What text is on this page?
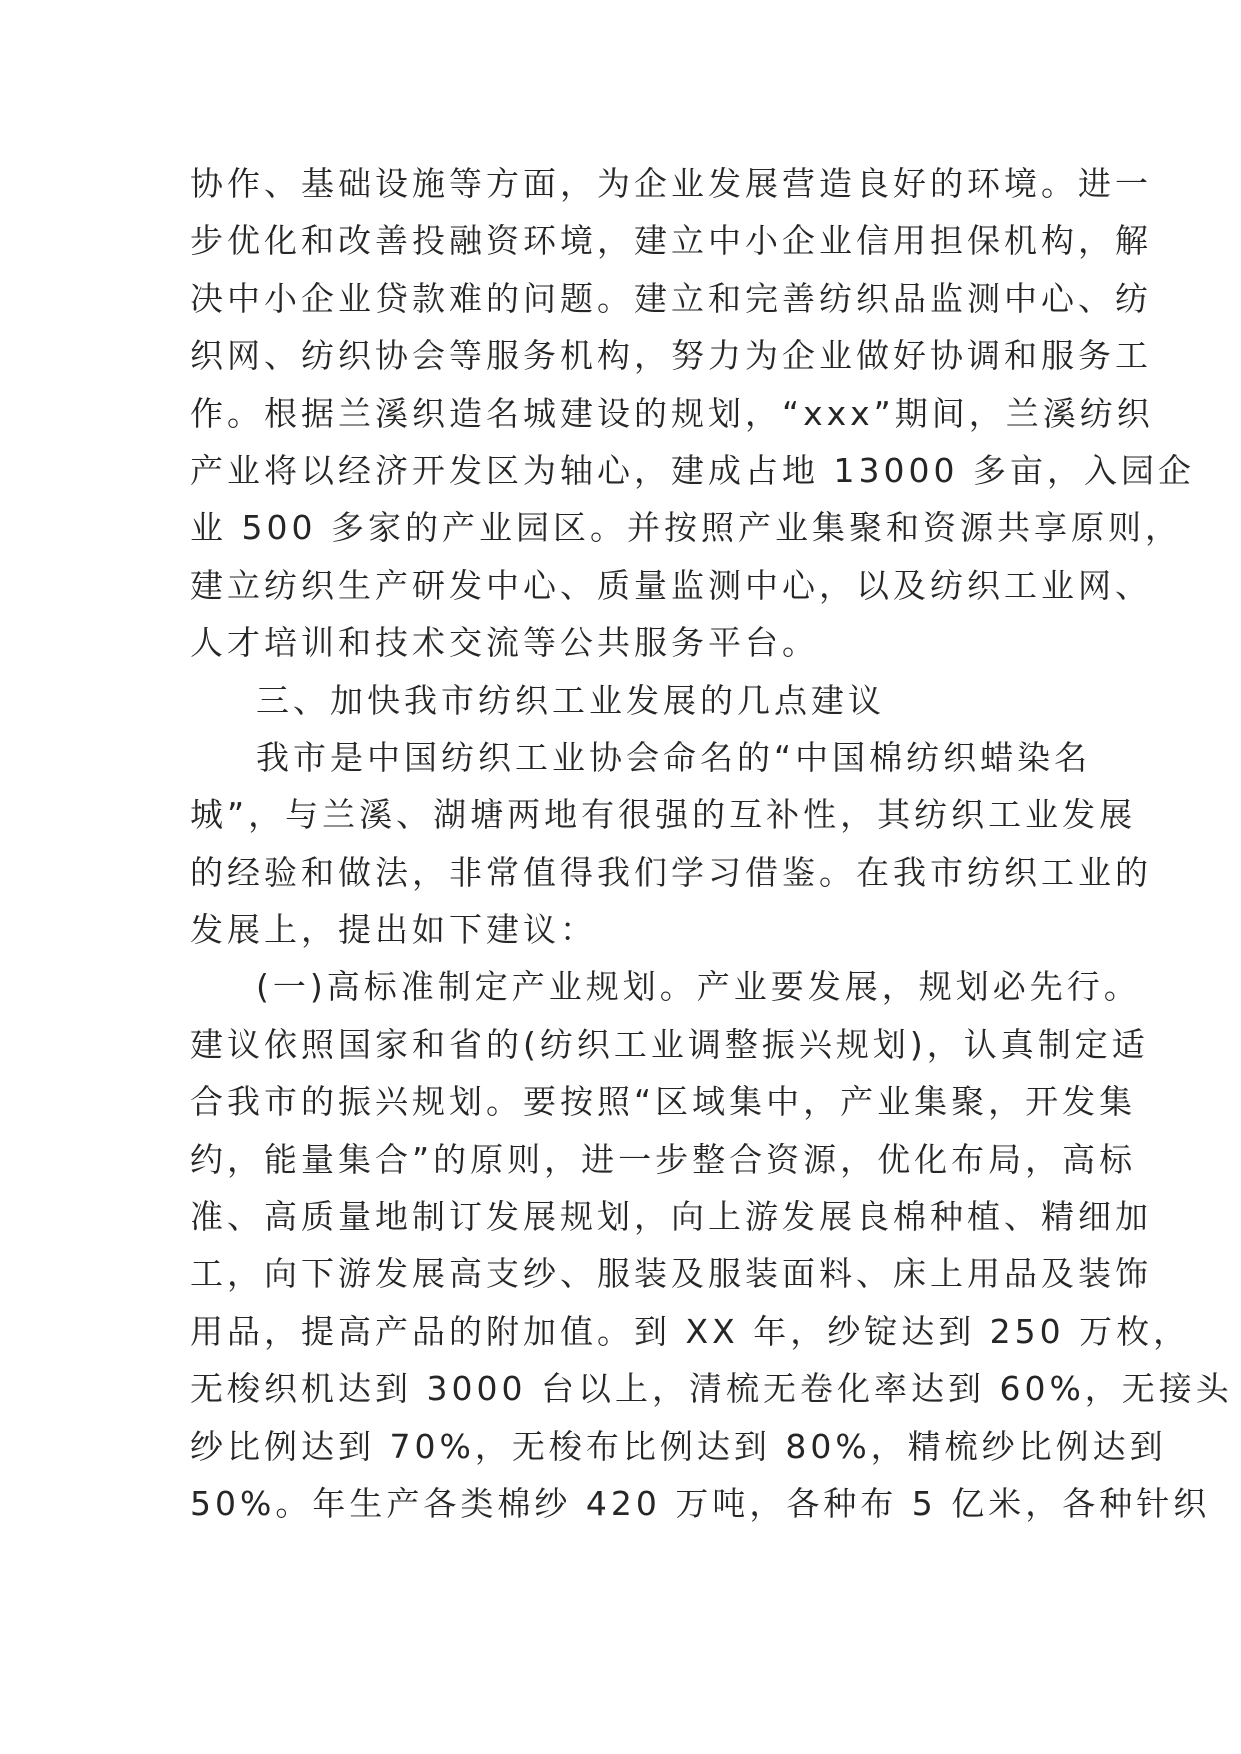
协作、基础设施等方面，为企业发展营造良好的环境。进一
步优化和改善投融资环境，建立中小企业信用担保机构，解
决中小企业贷款难的问题。建立和完善纺织品监测中心、纺
织网、纺织协会等服务机构，努力为企业做好协调和服务工
作。根据兰溪织造名城建设的规划，“xxx”期间，兰溪纺织
产业将以经济开发区为轴心，建成占地 13000 多亩，入园企
业 500 多家的产业园区。并按照产业集聚和资源共享原则，
建立纺织生产研发中心、质量监测中心，以及纺织工业网、
人才培训和技术交流等公共服务平台。
三、加快我市纺织工业发展的几点建议
我市是中国纺织工业协会命名的“中国棉纺织蜡染名
城”，与兰溪、湖塘两地有很强的互补性，其纺织工业发展
的经验和做法，非常值得我们学习借鉴。在我市纺织工业的
发展上，提出如下建议：
(一)高标准制定产业规划。产业要发展，规划必先行。
建议依照国家和省的(纺织工业调整振兴规划)，认真制定适
合我市的振兴规划。要按照“区域集中，产业集聚，开发集
约，能量集合”的原则，进一步整合资源，优化布局，高标
准、高质量地制订发展规划，向上游发展良棉种植、精细加
工，向下游发展高支纱、服装及服装面料、床上用品及装饰
用品，提高产品的附加值。到 XX 年，纱锭达到 250 万枚，
无梭织机达到 3000 台以上，清梳无卷化率达到 60%，无接头
纱比例达到 70%，无梭布比例达到 80%，精梳纱比例达到
50%。年生产各类棉纱 420 万吨，各种布 5 亿米，各种针织
